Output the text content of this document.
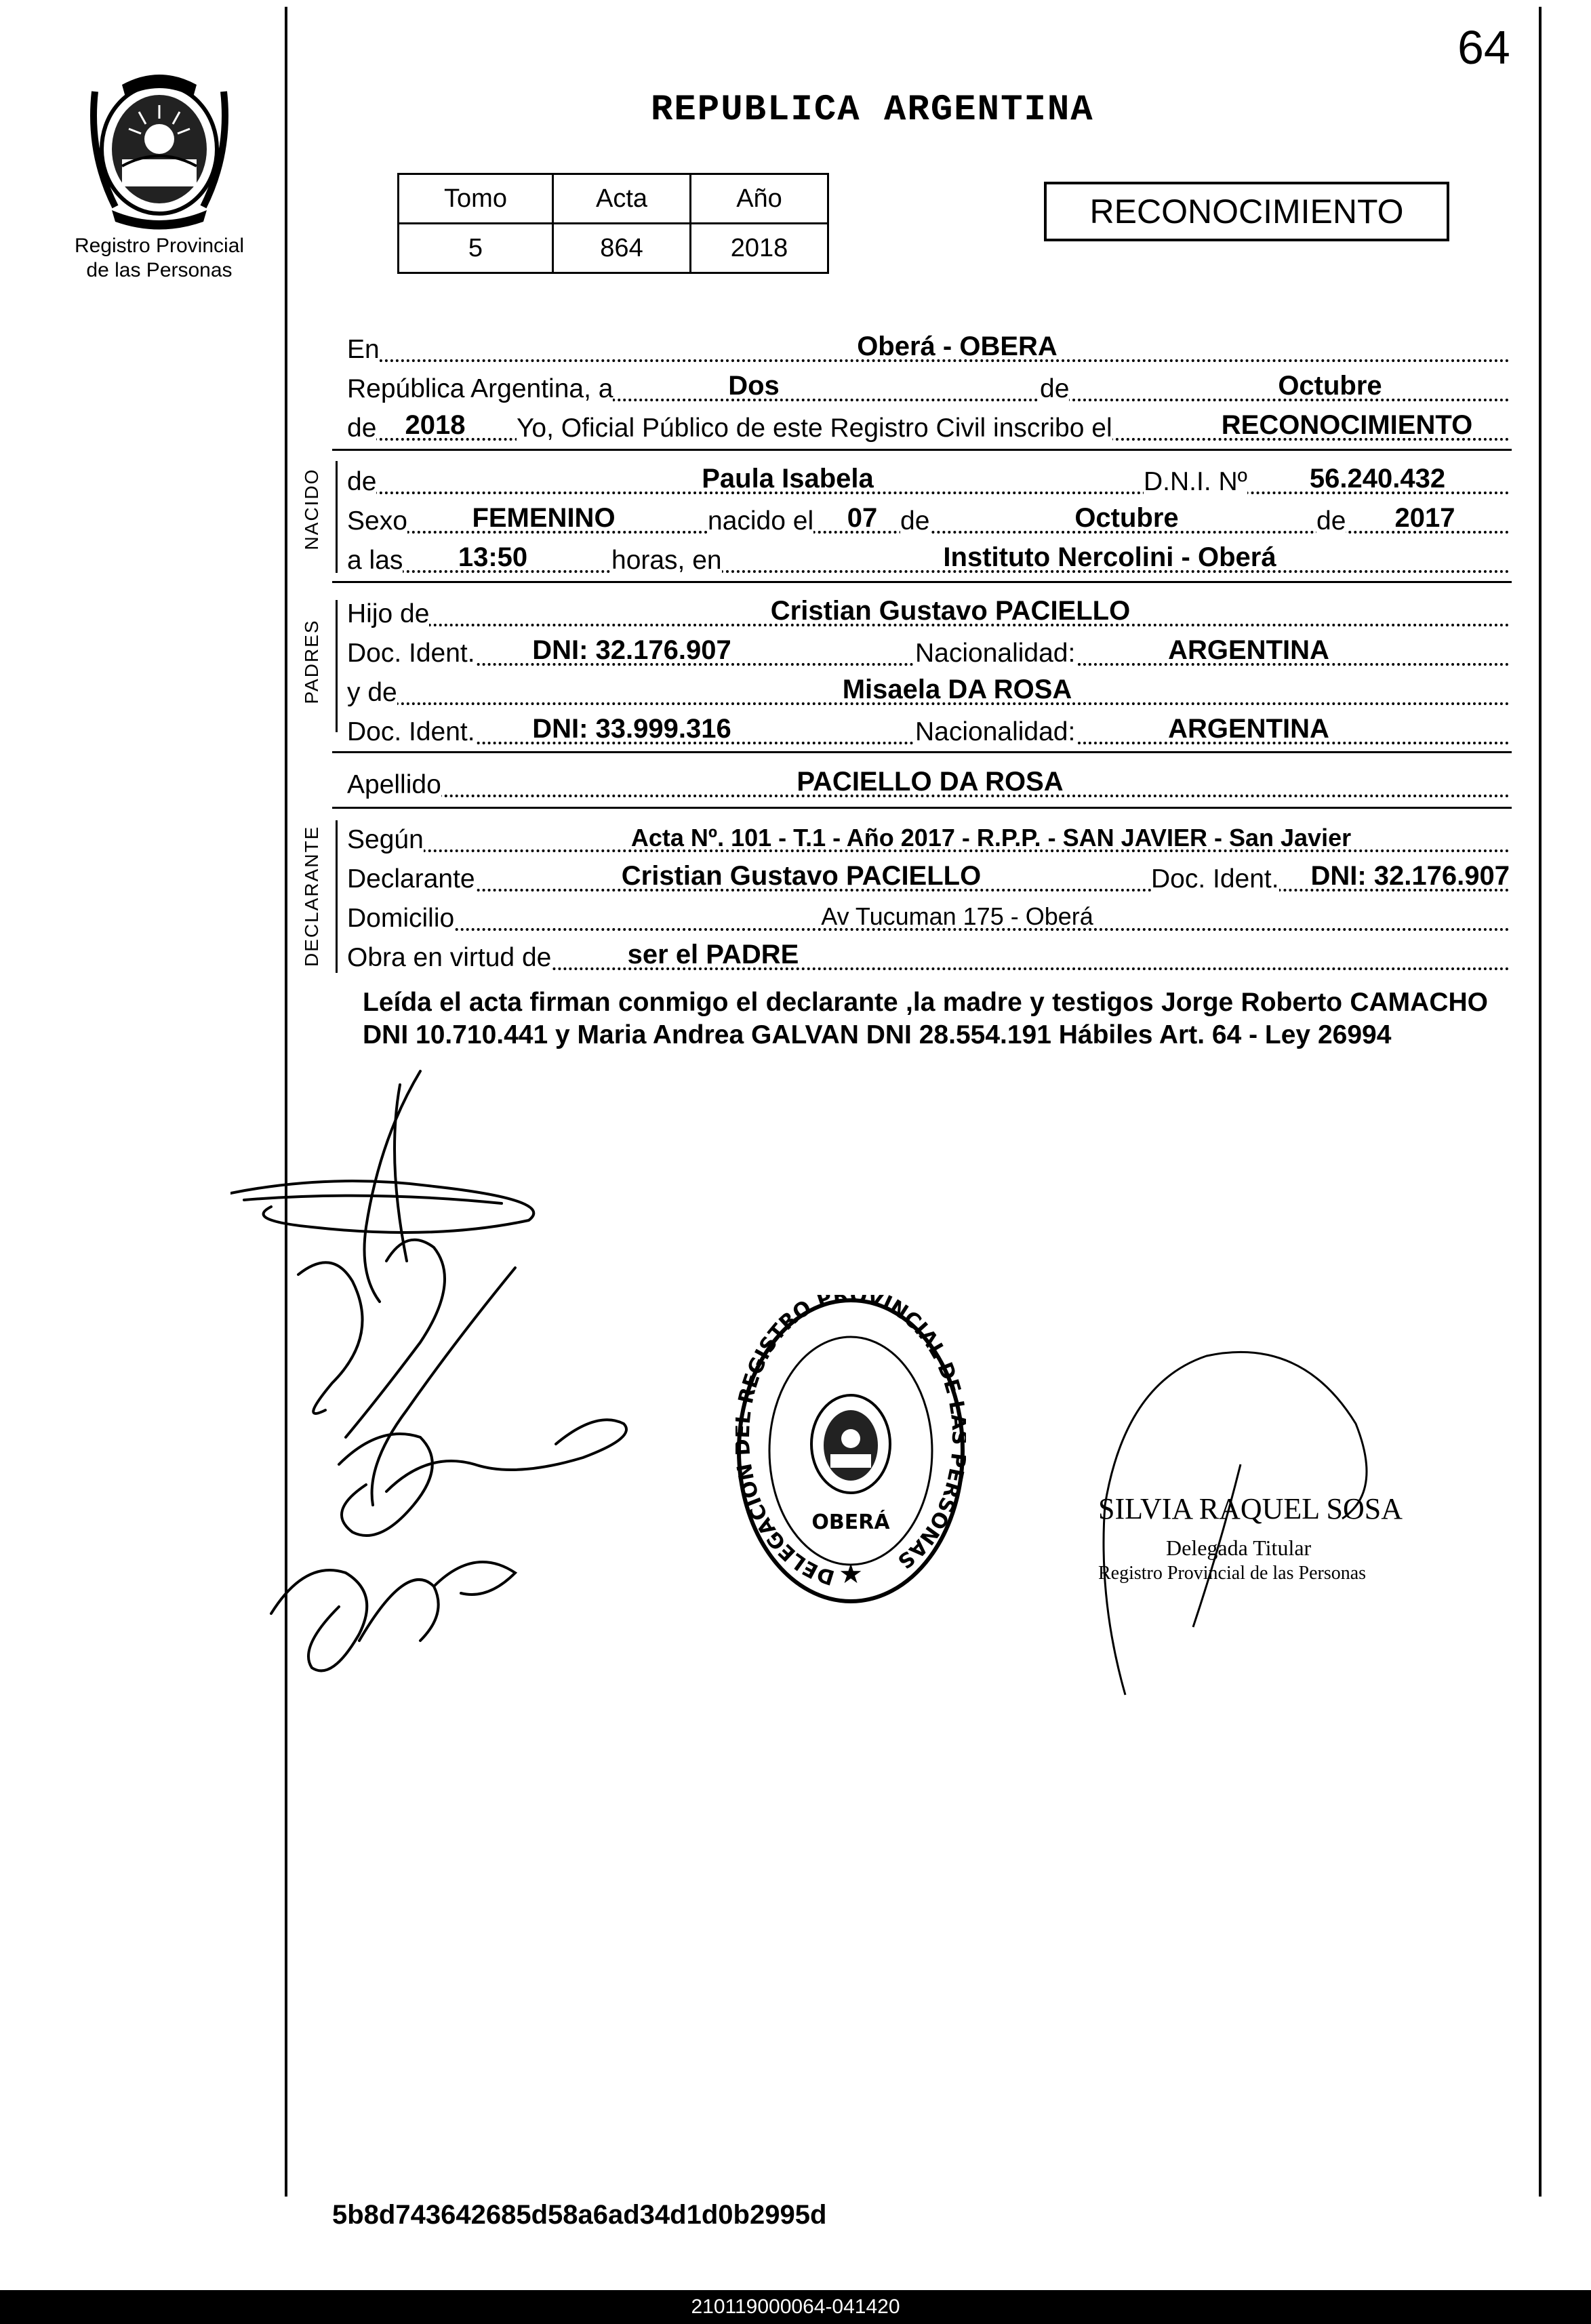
64
Registro Provincial
de las Personas
REPUBLICA ARGENTINA
Tomo	Acta	Año
5	864	2018
RECONOCIMIENTO
En	Oberá - OBERA
República Argentina, a	Dos	de	Octubre
de	2018	Yo, Oficial Público de este Registro Civil inscribo el	RECONOCIMIENTO
NACIDO de	Paula Isabela	D.N.I. Nº	56.240.432
Sexo	FEMENINO	nacido el	07 de	Octubre	de	2017
a las	13:50	horas, en	Instituto Nercolini - Oberá
PADRES
Hijo de	Cristian Gustavo PACIELLO
Doc. Ident.	DNI: 32.176.907	Nacionalidad:	ARGENTINA
y de	Misaela DA ROSA
Doc. Ident.	DNI: 33.999.316	Nacionalidad:	ARGENTINA
Apellido	PACIELLO DA ROSA
DECLARANTE Según	Acta Nº. 101 - T.1 - Año 2017 - R.P.P. - SAN JAVIER - San Javier
Declarante	Cristian Gustavo PACIELLO	Doc. Ident.	DNI: 32.176.907
Domicilio	Av Tucuman 175 - Oberá
Obra en virtud de	ser el PADRE
Leída el acta firman conmigo el declarante ,la madre y testigos Jorge Roberto CAMACHO DNI 10.710.441 y Maria Andrea GALVAN DNI 28.554.191 Hábiles Art. 64 - Ley 26994
DELEGACIO REGISTRO PROVINCIAL DE ERSONAS
OBERÁ
★
SILVIA RAQUEL SOSA
Delegada Titular
Registro Provincial de las Personas
5b8d743642685d58a6ad34d1d0b2995d
210119000064-041420
